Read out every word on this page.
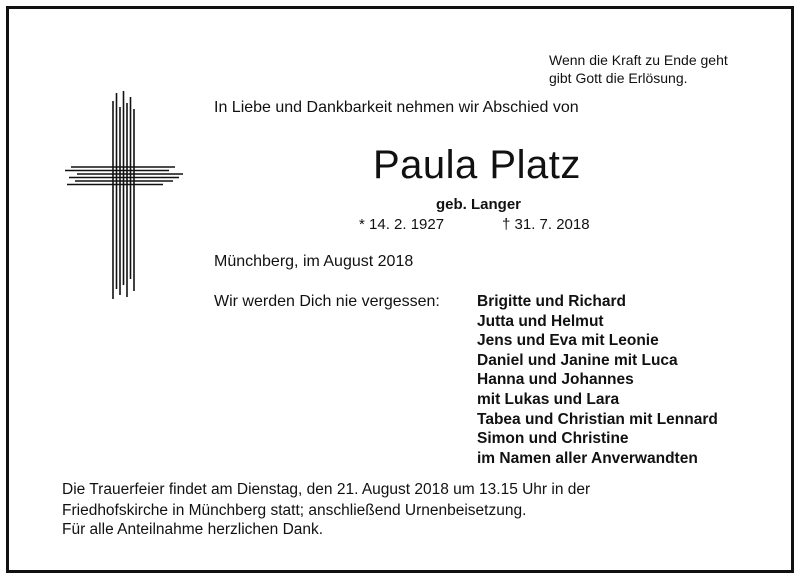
Wenn die Kraft zu Ende geht
gibt Gott die Erlösung.
In Liebe und Dankbarkeit nehmen wir Abschied von
Paula Platz
geb. Langer
* 14. 2. 1927	† 31. 7. 2018
Münchberg, im August 2018
Wir werden Dich nie vergessen: Brigitte und Richard
Jutta und Helmut
Jens und Eva mit Leonie
Daniel und Janine mit Luca
Hanna und Johannes
mit Lukas und Lara
Tabea und Christian mit Lennard
Simon und Christine
im Namen aller Anverwandten
Die Trauerfeier findet am Dienstag, den 21. August 2018 um 13.15 Uhr in der
Friedhofskirche in Münchberg statt; anschließend Urnenbeisetzung.
Für alle Anteilnahme herzlichen Dank.
